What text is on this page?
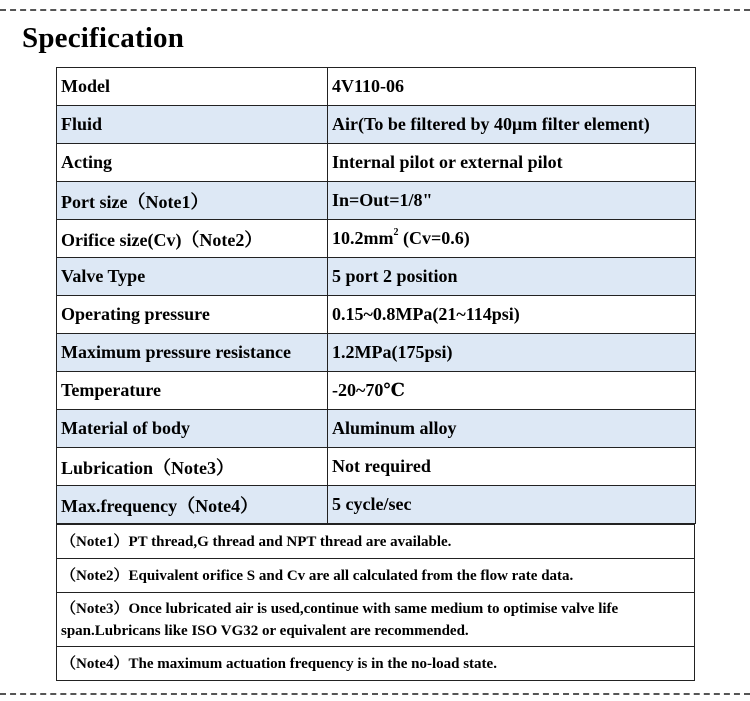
Specification
Model	4V110-06
Fluid	Air(To be filtered by 40μm filter element)
Acting	Internal pilot or external pilot
Port size（Note1）	In=Out=1/8"
Orifice size(Cv)（Note2）	$10.2mm^2$ (Cv=0.6)
Valve Type	5 port 2 position
Operating pressure	0.15~0.8MPa(21~114psi)
Maximum pressure resistance	1.2MPa(175psi)
Temperature	-20~70℃
Material of body	Aluminum alloy
Lubrication（Note3）	Not required
Max.frequency（Note4）	5 cycle/sec
（Note1）PT thread,G thread and NPT thread are available.
（Note2）Equivalent orifice S and Cv are all calculated from the flow rate data.
（Note3）Once lubricated air is used,continue with same medium to optimise valve life span.Lubricans like ISO VG32 or equivalent are recommended.
（Note4）The maximum actuation frequency is in the no-load state.
